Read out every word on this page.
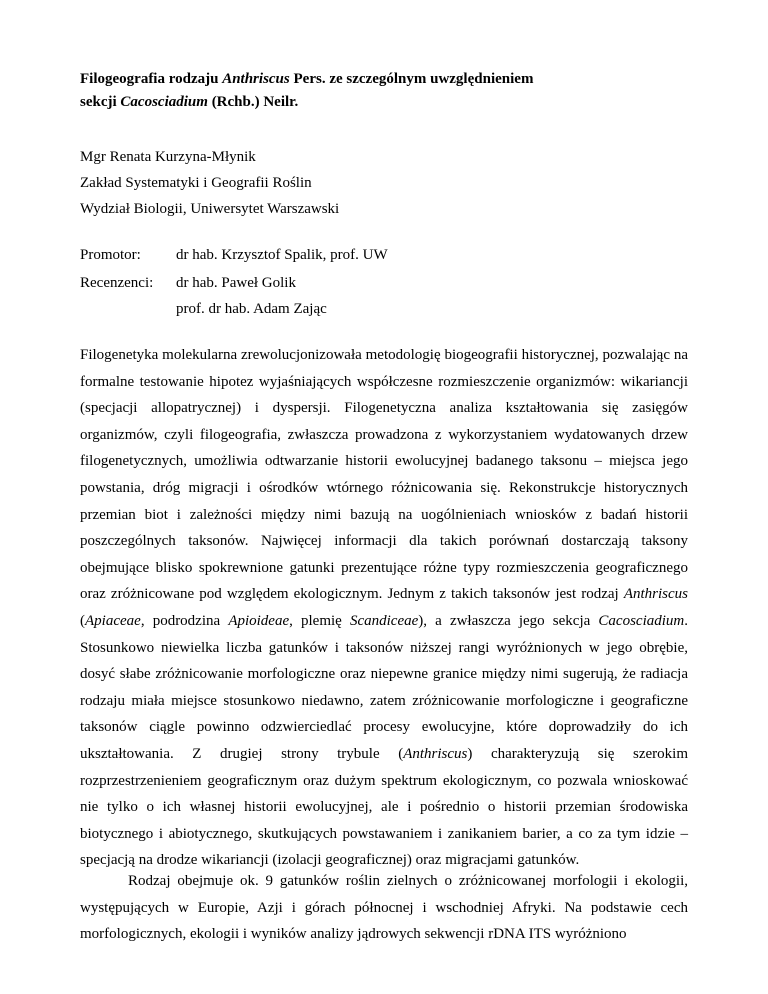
Filogeografia rodzaju Anthriscus Pers. ze szczególnym uwzględnieniem
sekcji Cacosciadium (Rchb.) Neilr.
Mgr Renata Kurzyna-Młynik
Zakład Systematyki i Geografii Roślin
Wydział Biologii, Uniwersytet Warszawski
Promotor: dr hab. Krzysztof Spalik, prof. UW
Recenzenci: dr hab. Paweł Golik
prof. dr hab. Adam Zając
Filogenetyka molekularna zrewolucjonizowała metodologię biogeografii historycznej, pozwalając na formalne testowanie hipotez wyjaśniających współczesne rozmieszczenie organizmów: wikariancji (specjacji allopatrycznej) i dyspersji. Filogenetyczna analiza kształtowania się zasięgów organizmów, czyli filogeografia, zwłaszcza prowadzona z wykorzystaniem wydatowanych drzew filogenetycznych, umożliwia odtwarzanie historii ewolucyjnej badanego taksonu – miejsca jego powstania, dróg migracji i ośrodków wtórnego różnicowania się. Rekonstrukcje historycznych przemian biot i zależności między nimi bazują na uogólnieniach wniosków z badań historii poszczególnych taksonów. Najwięcej informacji dla takich porównań dostarczają taksony obejmujące blisko spokrewnione gatunki prezentujące różne typy rozmieszczenia geograficznego oraz zróżnicowane pod względem ekologicznym. Jednym z takich taksonów jest rodzaj Anthriscus (Apiaceae, podrodzina Apioideae, plemię Scandiceae), a zwłaszcza jego sekcja Cacosciadium. Stosunkowo niewielka liczba gatunków i taksonów niższej rangi wyróżnionych w jego obrębie, dosyć słabe zróżnicowanie morfologiczne oraz niepewne granice między nimi sugerują, że radiacja rodzaju miała miejsce stosunkowo niedawno, zatem zróżnicowanie morfologiczne i geograficzne taksonów ciągle powinno odzwierciedlać procesy ewolucyjne, które doprowadziły do ich ukształtowania. Z drugiej strony trybule (Anthriscus) charakteryzują się szerokim rozprzestrzenieniem geograficznym oraz dużym spektrum ekologicznym, co pozwala wnioskować nie tylko o ich własnej historii ewolucyjnej, ale i pośrednio o historii przemian środowiska biotycznego i abiotycznego, skutkujących powstawaniem i zanikaniem barier, a co za tym idzie – specjacją na drodze wikariancji (izolacji geograficznej) oraz migracjami gatunków.
Rodzaj obejmuje ok. 9 gatunków roślin zielnych o zróżnicowanej morfologii i ekologii, występujących w Europie, Azji i górach północnej i wschodniej Afryki. Na podstawie cech morfologicznych, ekologii i wyników analizy jądrowych sekwencji rDNA ITS wyróżniono
